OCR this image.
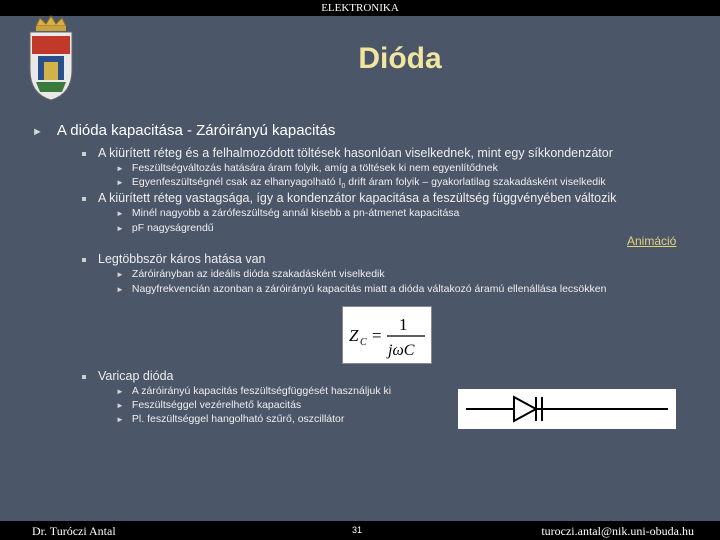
ELEKTRONIKA
Dióda
► A dióda kapacitása - Záróirányú kapacitás
A kiürített réteg és a felhalmozódott töltések hasonlóan viselkednek, mint egy síkkondenzátor
► Feszültségváltozás hatására áram folyik, amíg a töltések ki nem egyenlítődnek
► Egyenfeszültségnél csak az elhanyagolható $I_0$ drift áram folyik – gyakorlatilag szakadásként viselkedik
A kiürített réteg vastagsága, így a kondenzátor kapacitása a feszültség függvényében változik
► Minél nagyobb a zárófeszültség annál kisebb a pn-átmenet kapacitása
► pF nagyságrendű
Animáció
Legtöbbször káros hatása van
► Záróirányban az ideális dióda szakadásként viselkedik
► Nagyfrekvencián azonban a záróirányú kapacitás miatt a dióda váltakozó áramú ellenállása lecsökken
Z C =
1
jωC
Varicap dióda
► A záróirányú kapacitás feszültségfüggését használjuk ki
► Feszültséggel vezérelhető kapacitás
► Pl. feszültséggel hangolható szűrő, oszcillátor
Dr. Turóczi Antal	31	turoczi.antal@nik.uni-obuda.hu
